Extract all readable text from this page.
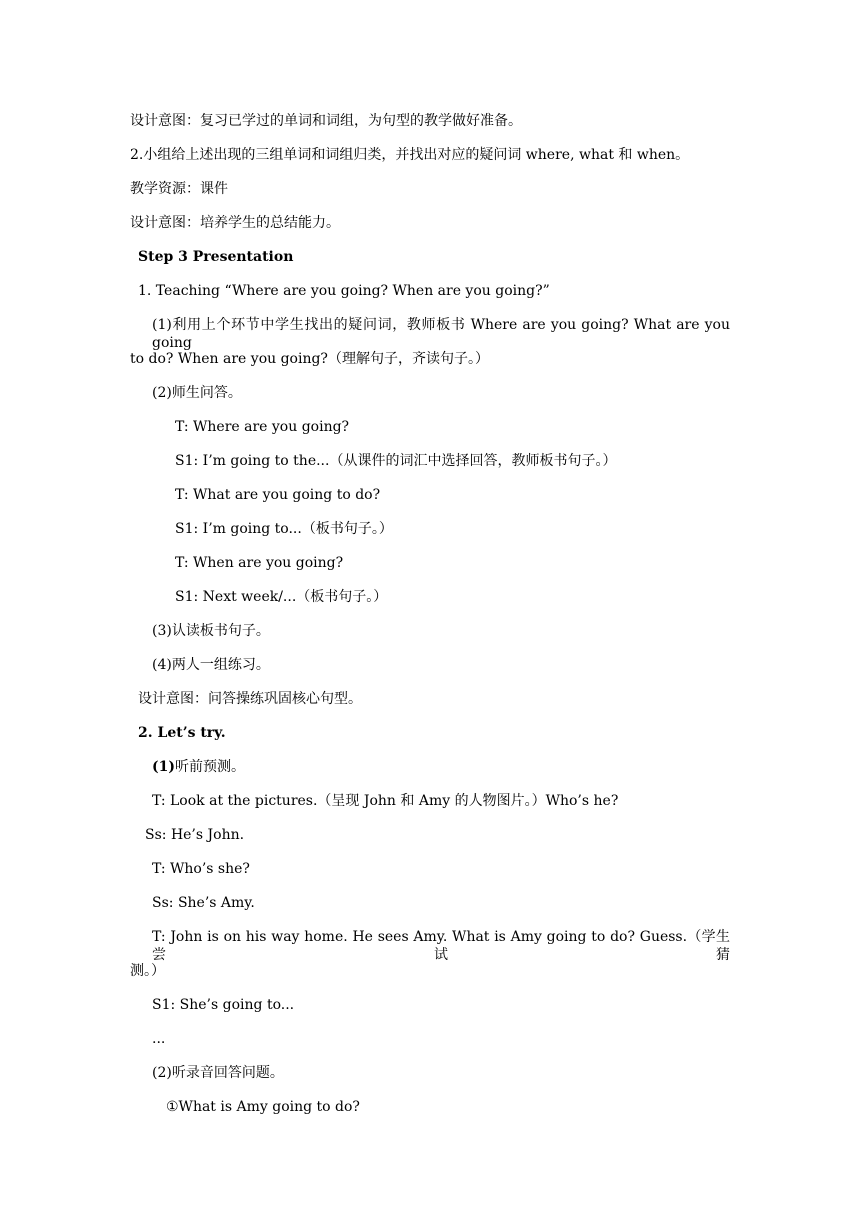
设计意图：复习已学过的单词和词组，为句型的教学做好准备。
2.小组给上述出现的三组单词和词组归类，并找出对应的疑问词 where, what 和 when。
教学资源：课件
设计意图：培养学生的总结能力。
Step 3 Presentation
1. Teaching “Where are you going? When are you going?”
(1)利用上个环节中学生找出的疑问词，教师板书 Where are you going? What are you going
to do? When are you going?（理解句子，齐读句子。）
(2)师生问答。
T: Where are you going?
S1: I’m going to the...（从课件的词汇中选择回答，教师板书句子。）
T: What are you going to do?
S1: I’m going to...（板书句子。）
T: When are you going?
S1: Next week/...（板书句子。）
(3)认读板书句子。
(4)两人一组练习。
设计意图：问答操练巩固核心句型。
2. Let’s try.
(1)听前预测。
T: Look at the pictures.（呈现 John 和 Amy 的人物图片。）Who’s he?
Ss: He’s John.
T: Who’s she?
Ss: She’s Amy.
T: John is on his way home. He sees Amy. What is Amy going to do? Guess.（学生尝试猜
测。）
S1: She’s going to...
...
(2)听录音回答问题。
①What is Amy going to do?
